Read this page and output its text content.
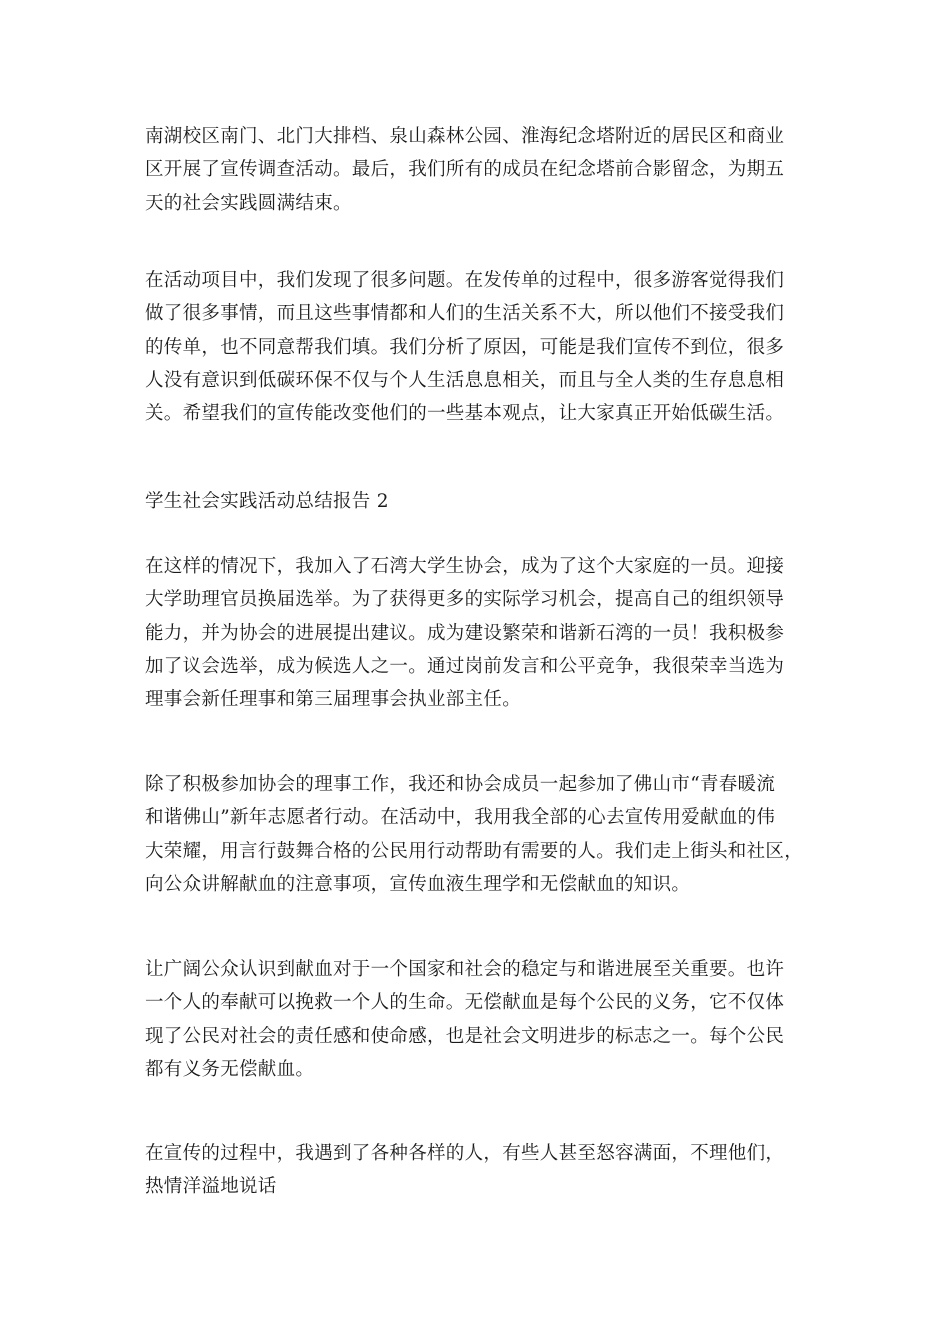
南湖校区南门、北门大排档、泉山森林公园、淮海纪念塔附近的居民区和商业
区开展了宣传调查活动。最后，我们所有的成员在纪念塔前合影留念，为期五
天的社会实践圆满结束。

在活动项目中，我们发现了很多问题。在发传单的过程中，很多游客觉得我们
做了很多事情，而且这些事情都和人们的生活关系不大，所以他们不接受我们
的传单，也不同意帮我们填。我们分析了原因，可能是我们宣传不到位，很多
人没有意识到低碳环保不仅与个人生活息息相关，而且与全人类的生存息息相
关。希望我们的宣传能改变他们的一些基本观点，让大家真正开始低碳生活。

学生社会实践活动总结报告 2

在这样的情况下，我加入了石湾大学生协会，成为了这个大家庭的一员。迎接
大学助理官员换届选举。为了获得更多的实际学习机会，提高自己的组织领导
能力，并为协会的进展提出建议。成为建设繁荣和谐新石湾的一员！我积极参
加了议会选举，成为候选人之一。通过岗前发言和公平竞争，我很荣幸当选为
理事会新任理事和第三届理事会执业部主任。

除了积极参加协会的理事工作，我还和协会成员一起参加了佛山市“青春暖流
和谐佛山”新年志愿者行动。在活动中，我用我全部的心去宣传用爱献血的伟
大荣耀，用言行鼓舞合格的公民用行动帮助有需要的人。我们走上街头和社区，
向公众讲解献血的注意事项，宣传血液生理学和无偿献血的知识。

让广阔公众认识到献血对于一个国家和社会的稳定与和谐进展至关重要。也许
一个人的奉献可以挽救一个人的生命。无偿献血是每个公民的义务，它不仅体
现了公民对社会的责任感和使命感，也是社会文明进步的标志之一。每个公民
都有义务无偿献血。

在宣传的过程中，我遇到了各种各样的人，有些人甚至怒容满面，不理他们，
热情洋溢地说话
